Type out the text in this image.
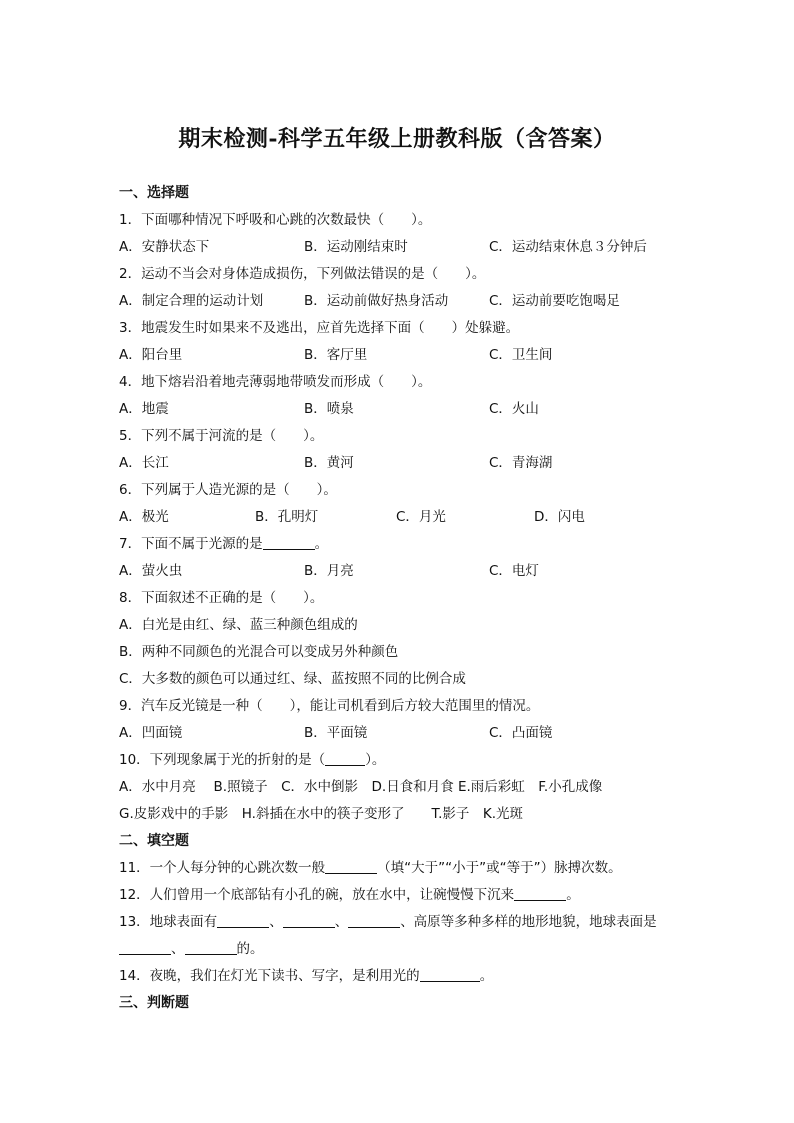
期末检测-科学五年级上册教科版（含答案）
一、选择题
1．下面哪种情况下呼吸和心跳的次数最快（　　）。
A．安静状态下	B．运动刚结束时	C．运动结束休息３分钟后
2．运动不当会对身体造成损伤，下列做法错误的是（　　）。
A．制定合理的运动计划	B．运动前做好热身活动	C．运动前要吃饱喝足
3．地震发生时如果来不及逃出，应首先选择下面（　　）处躲避。
A．阳台里	B．客厅里	C．卫生间
4．地下熔岩沿着地壳薄弱地带喷发而形成（　　）。
A．地震	B．喷泉	C．火山
5．下列不属于河流的是（　　）。
A．长江	B．黄河	C．青海湖
6．下列属于人造光源的是（　　）。
A．极光	B．孔明灯	C．月光	D．闪电
7．下面不属于光源的是	。
A．萤火虫	B．月亮	C．电灯
8．下面叙述不正确的是（　　）。
A．白光是由红、绿、蓝三种颜色组成的
B．两种不同颜色的光混合可以变成另外种颜色
C．大多数的颜色可以通过红、绿、蓝按照不同的比例合成
9．汽车反光镜是一种（　　），能让司机看到后方较大范围里的情况。
A．凹面镜	B．平面镜	C．凸面镜
10．下列现象属于光的折射的是（	）。
A．水中月亮　 B.照镜子　C．水中倒影　D.日食和月食 E.雨后彩虹　F.小孔成像
G.皮影戏中的手影　H.斜插在水中的筷子变形了　　T.影子　K.光斑
二、填空题
11．一个人每分钟的心跳次数一般	（填“大于”“小于”或“等于”）脉搏次数。
12．人们曾用一个底部钻有小孔的碗，放在水中，让碗慢慢下沉来	。
13．地球表面有	、	、	、高原等多种多样的地形地貌，地球表面是
、	的。
14．夜晚，我们在灯光下读书、写字，是利用光的	。
三、判断题
